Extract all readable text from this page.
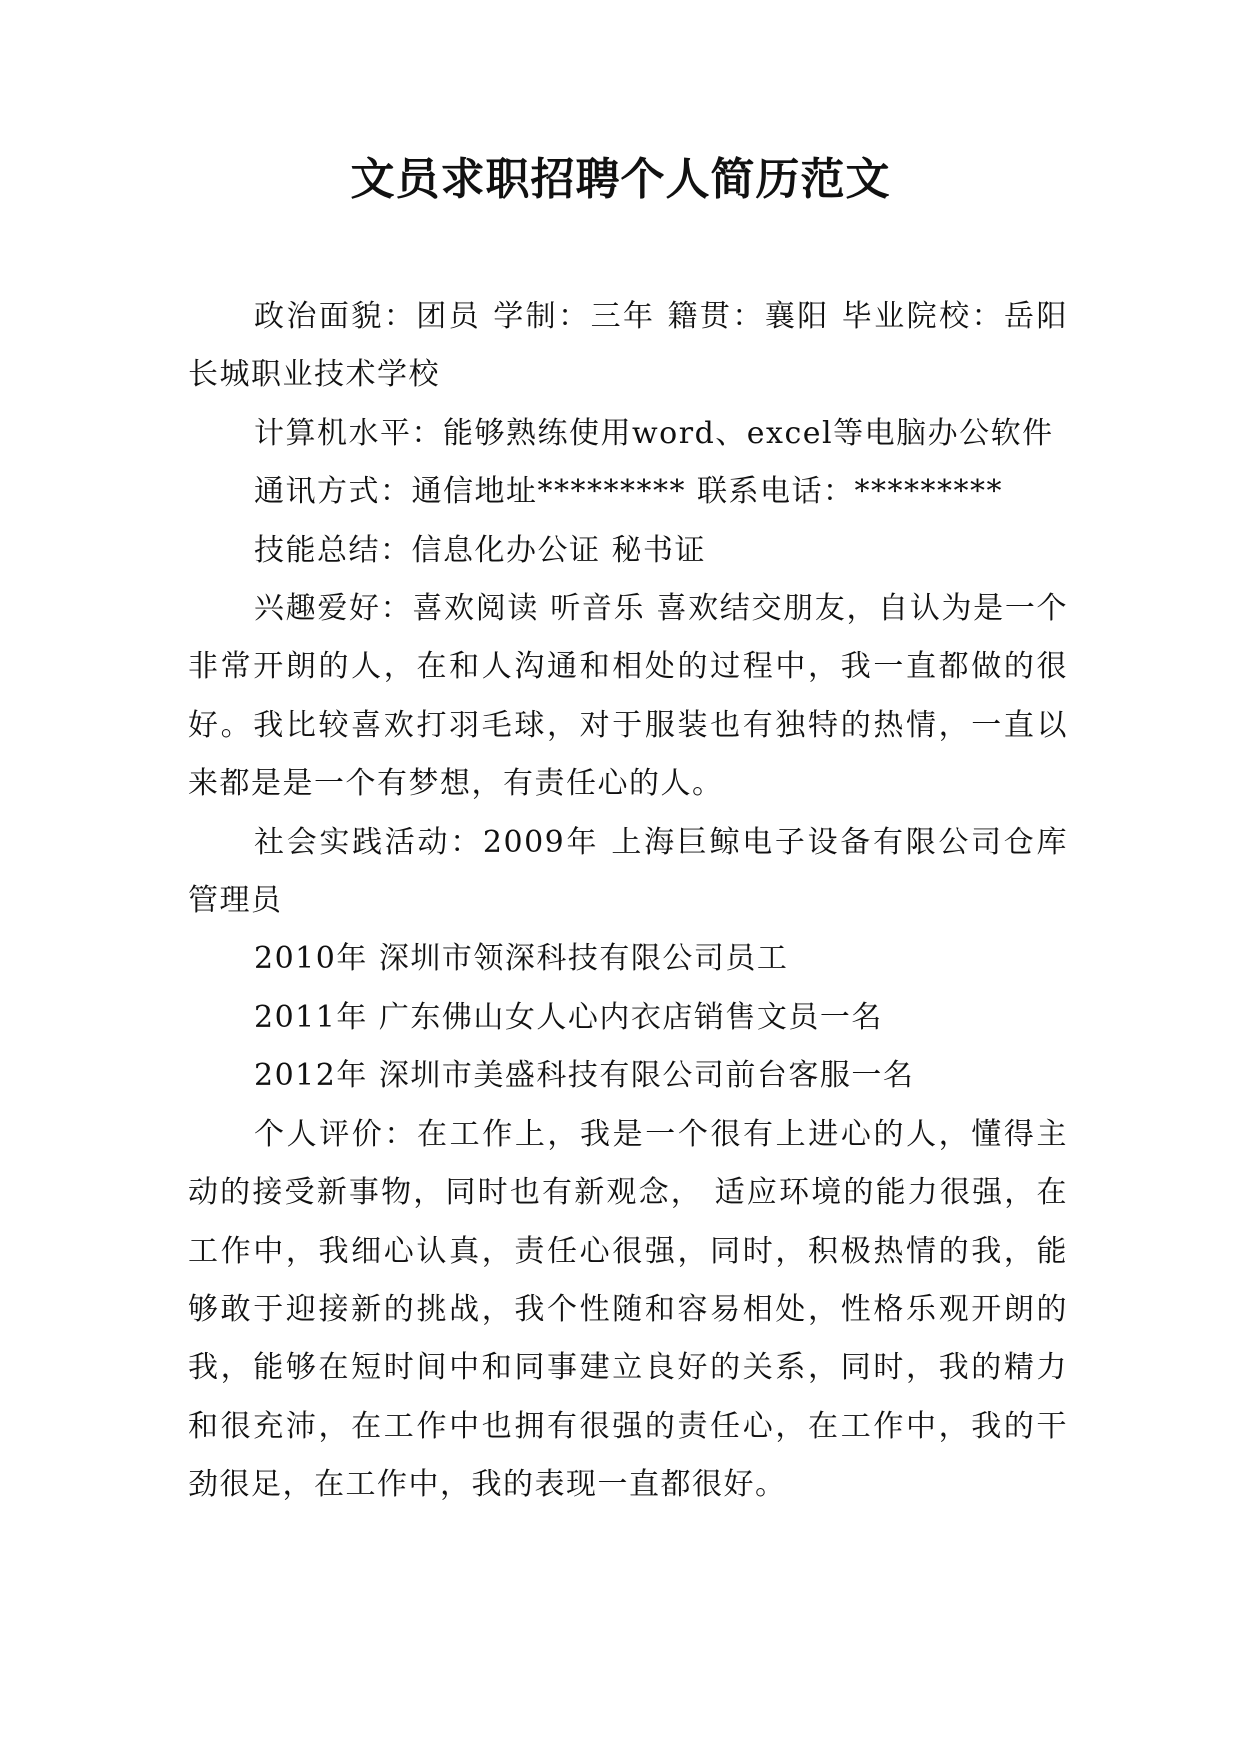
文员求职招聘个人简历范文

政治面貌：团员 学制：三年 籍贯：襄阳 毕业院校：岳阳长城职业技术学校

计算机水平：能够熟练使用word、excel等电脑办公软件

通讯方式：通信地址********* 联系电话：*********

技能总结：信息化办公证 秘书证

兴趣爱好：喜欢阅读 听音乐 喜欢结交朋友，自认为是一个非常开朗的人，在和人沟通和相处的过程中，我一直都做的很好。我比较喜欢打羽毛球，对于服装也有独特的热情，一直以来都是是一个有梦想，有责任心的人。

社会实践活动：2009年 上海巨鲸电子设备有限公司仓库管理员

2010年 深圳市领深科技有限公司员工

2011年 广东佛山女人心内衣店销售文员一名

2012年 深圳市美盛科技有限公司前台客服一名

个人评价：在工作上，我是一个很有上进心的人，懂得主动的接受新事物，同时也有新观念， 适应环境的能力很强，在工作中，我细心认真，责任心很强，同时，积极热情的我，能够敢于迎接新的挑战，我个性随和容易相处，性格乐观开朗的我，能够在短时间中和同事建立良好的关系，同时，我的精力和很充沛，在工作中也拥有很强的责任心，在工作中，我的干劲很足，在工作中，我的表现一直都很好。
